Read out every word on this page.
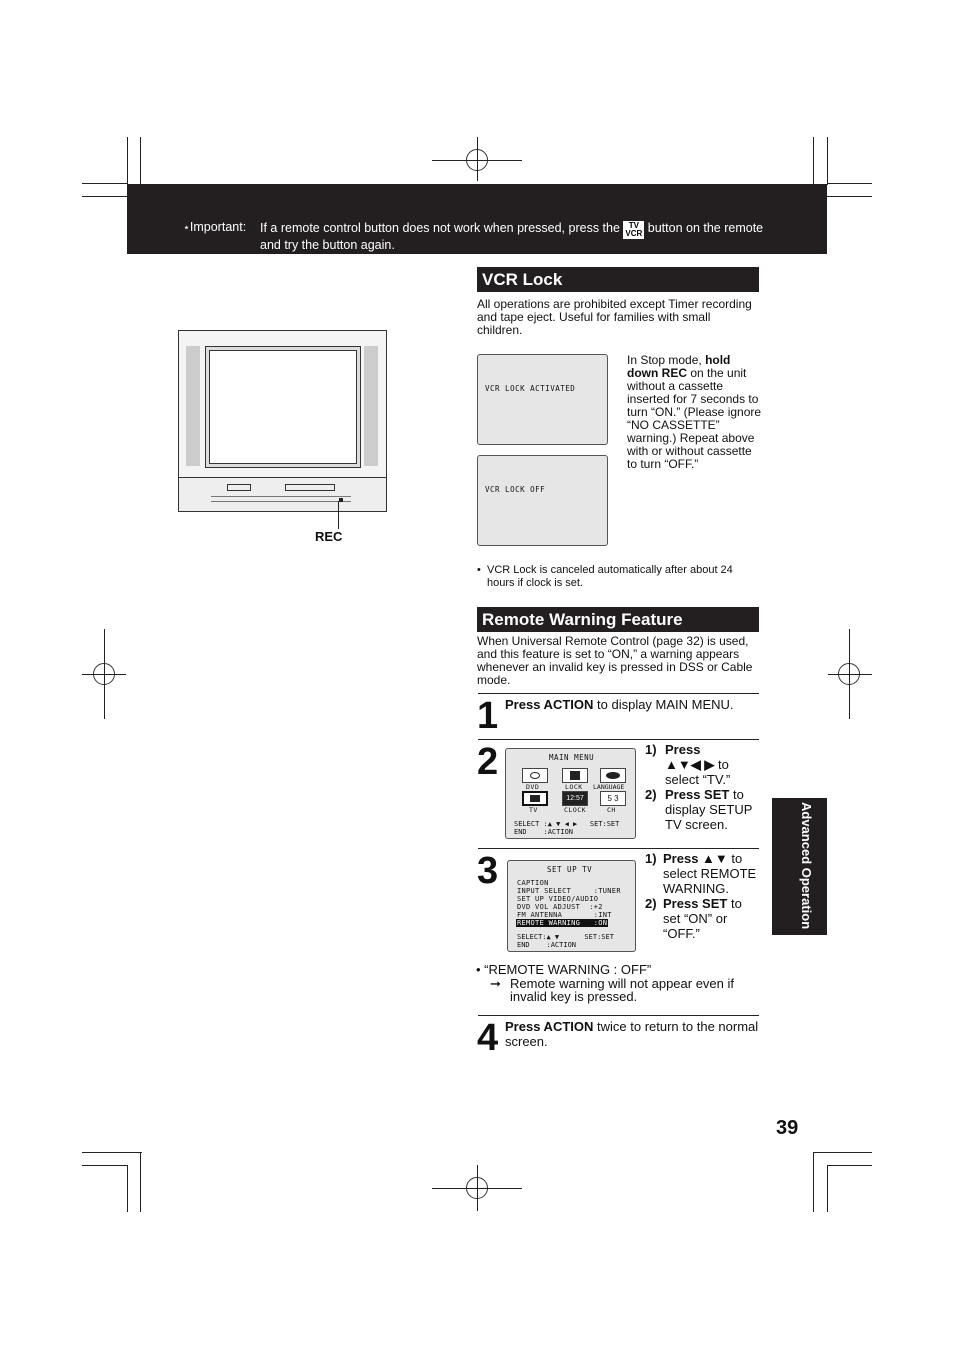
⋆Important: If a remote control button does not work when pressed, press the TV
VCR button on the remote and try the button again.
REC
VCR Lock
All operations are prohibited except Timer recording and tape eject. Useful for families with small children.
VCR LOCK ACTIVATED
VCR LOCK OFF
In Stop mode, hold down REC on the unit without a cassette inserted for 7 seconds to turn “ON.” (Please ignore “NO CASSETTE” warning.) Repeat above with or without cassette to turn “OFF.”
• VCR Lock is canceled automatically after about 24 hours if clock is set.
Remote Warning Feature
When Universal Remote Control (page 32) is used, and this feature is set to “ON,” a warning appears whenever an invalid key is pressed in DSS or Cable mode.
1 Press ACTION to display MAIN MENU.
2	MAIN MENU
DVD	LOCK LANGUAGE
12:57	5 3
TV	CLOCK	CH
SELECT :▲ ▼ ◀ ▶   SET:SET
END    :ACTION
1) Press
▲▼◀ ▶ to
select “TV.”
2) Press SET to display SETUP TV screen.
3	SET UP TV
CAPTION
INPUT SELECT     :TUNER
SET UP VIDEO/AUDIO
DVD VOL ADJUST  :+2
FM ANTENNA       :INT
REMOTE WARNING   :ON
SELECT:▲ ▼      SET:SET
END    :ACTION
1) Press ▲▼ to
select REMOTE WARNING.
2) Press SET to set “ON” or “OFF.”
• “REMOTE WARNING : OFF”
➞ Remote warning will not appear even if invalid key is pressed.
4 Press ACTION twice to return to the normal screen.
Advanced Operation
39
